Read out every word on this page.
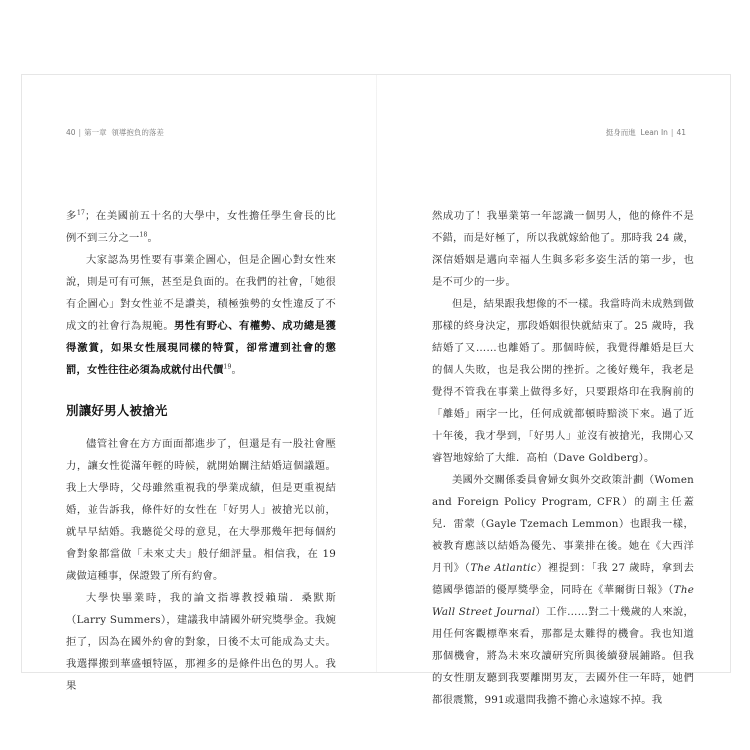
40 | 第一章 領導抱負的落差	挺身而進 Lean In | 41

多$^{17}$；在美國前五十名的大學中，女性擔任學生會長的比例不到三分之一$^{18}$。

大家認為男性要有事業企圖心，但是企圖心對女性來說，則是可有可無，甚至是負面的。在我們的社會，「她很有企圖心」對女性並不是讚美，積極強勢的女性違反了不成文的社會行為規範。男性有野心、有權勢、成功總是獲得激賞，如果女性展現同樣的特質，卻常遭到社會的懲罰，女性往往必須為成就付出代價$^{19}$。

別讓好男人被搶光

儘管社會在方方面面都進步了，但還是有一股社會壓力，讓女性從滿年輕的時候，就開始關注結婚這個議題。我上大學時，父母雖然重視我的學業成績，但是更重視結婚，並告訴我，條件好的女性在「好男人」被搶光以前，就早早結婚。我聽從父母的意見，在大學那幾年把每個約會對象都當做「未來丈夫」般仔細評量。相信我，在 19 歲做這種事，保證毀了所有約會。

大學快畢業時，我的論文指導教授賴瑞．桑默斯（Larry Summers），建議我申請國外研究獎學金。我婉拒了，因為在國外約會的對象，日後不太可能成為丈夫。我選擇搬到華盛頓特區，那裡多的是條件出色的男人。我果

然成功了！我畢業第一年認識一個男人，他的條件不是不錯，而是好極了，所以我就嫁給他了。那時我 24 歲，深信婚姻是邁向幸福人生與多彩多姿生活的第一步，也是不可少的一步。

但是，結果跟我想像的不一樣。我當時尚未成熟到做那樣的終身決定，那段婚姻很快就結束了。25 歲時，我結婚了又……也離婚了。那個時候，我覺得離婚是巨大的個人失敗，也是我公開的挫折。之後好幾年，我老是覺得不管我在事業上做得多好，只要跟烙印在我胸前的「離婚」兩字一比，任何成就都頓時黯淡下來。過了近十年後，我才學到，「好男人」並沒有被搶光，我開心又睿智地嫁給了大維．高柏（Dave Goldberg）。

美國外交關係委員會婦女與外交政策計劃（Women and Foreign Policy Program, CFR）的副主任蓋兒．雷蒙（Gayle Tzemach Lemmon）也跟我一樣，被教育應該以結婚為優先、事業排在後。她在《大西洋月刊》（The Atlantic）裡提到：「我 27 歲時，拿到去德國學德語的優厚獎學金，同時在《華爾街日報》（The Wall Street Journal）工作……對二十幾歲的人來說，用任何客觀標準來看，那都是太難得的機會。我也知道那個機會，將為未來攻讀研究所與後續發展鋪路。但我的女性朋友聽到我要離開男友，去國外住一年時，她們都很震驚，991或還問我擔不擔心永遠嫁不掉。我
